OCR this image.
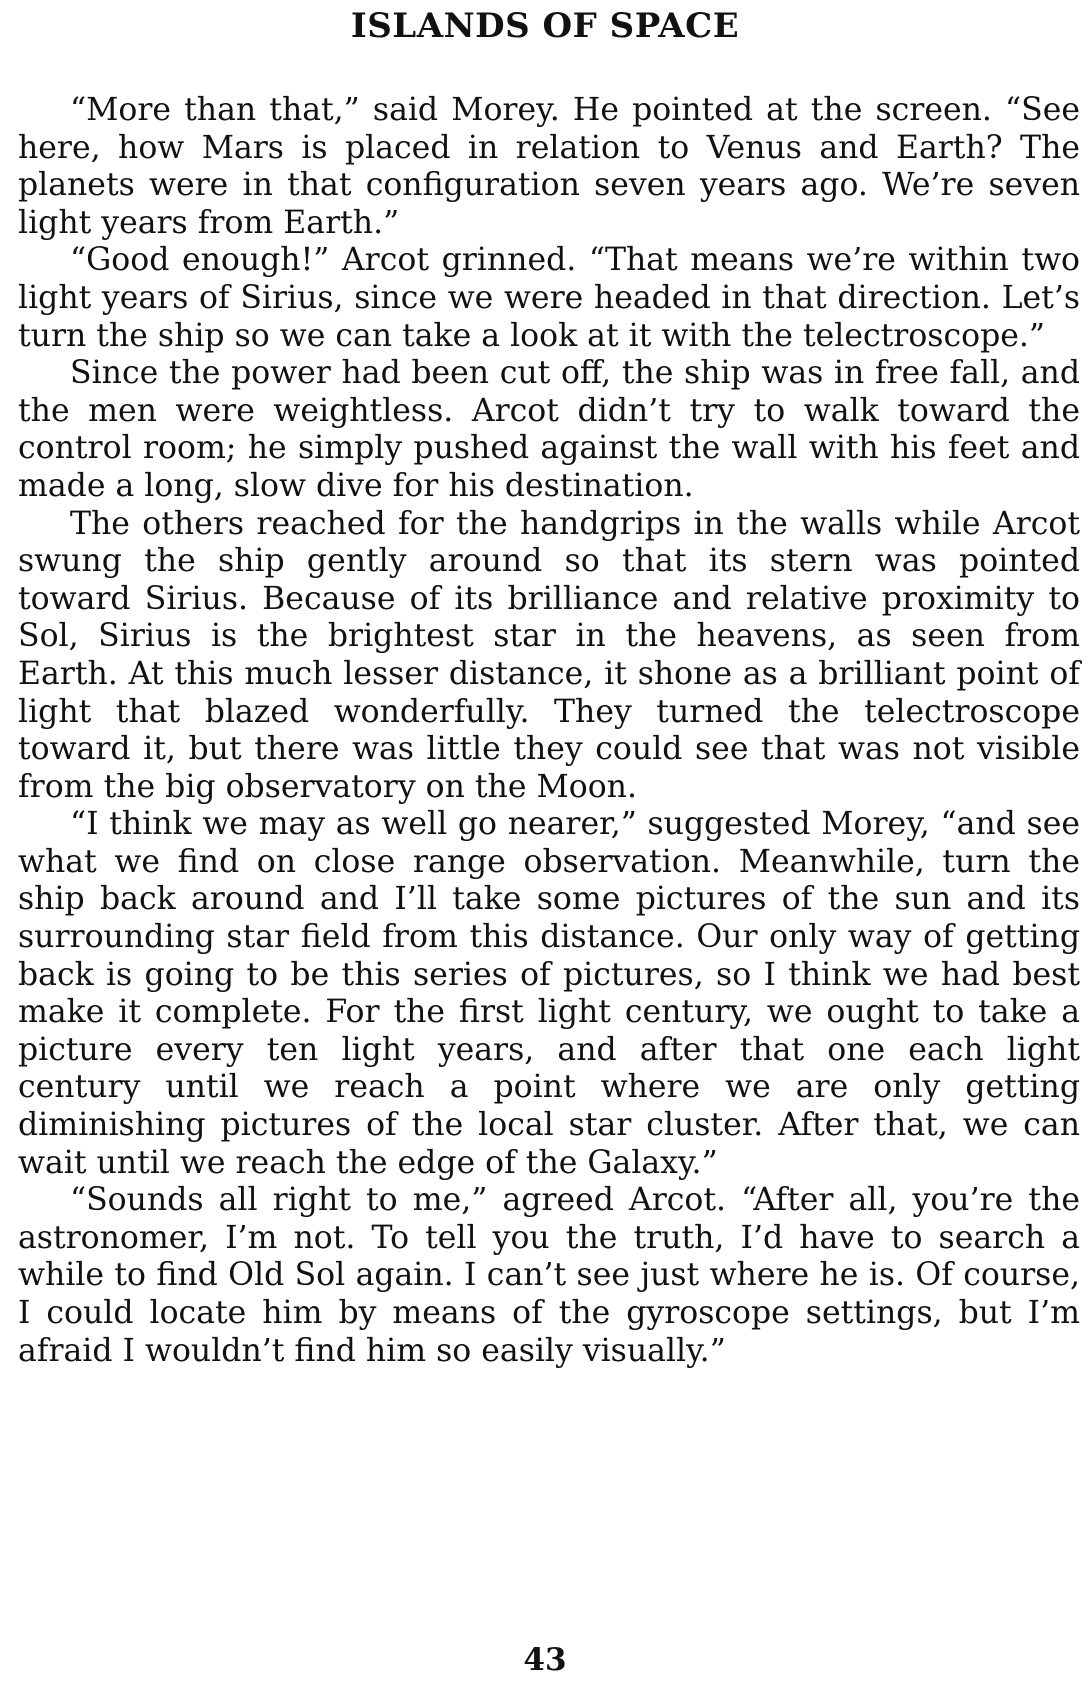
ISLANDS OF SPACE

“More than that,” said Morey. He pointed at the screen. “See here, how Mars is placed in relation to Venus and Earth? The planets were in that configuration seven years ago. We’re seven light years from Earth.”

“Good enough!” Arcot grinned. “That means we’re within two light years of Sirius, since we were headed in that direction. Let’s turn the ship so we can take a look at it with the telectroscope.”

Since the power had been cut off, the ship was in free fall, and the men were weightless. Arcot didn’t try to walk toward the control room; he simply pushed against the wall with his feet and made a long, slow dive for his destination.

The others reached for the handgrips in the walls while Arcot swung the ship gently around so that its stern was pointed toward Sirius. Because of its brilliance and relative proximity to Sol, Sirius is the brightest star in the heavens, as seen from Earth. At this much lesser distance, it shone as a brilliant point of light that blazed wonderfully. They turned the telectroscope toward it, but there was little they could see that was not visible from the big observatory on the Moon.

“I think we may as well go nearer,” suggested Morey, “and see what we find on close range observation. Meanwhile, turn the ship back around and I’ll take some pictures of the sun and its surrounding star field from this distance. Our only way of getting back is going to be this series of pictures, so I think we had best make it complete. For the first light century, we ought to take a picture every ten light years, and after that one each light century until we reach a point where we are only getting diminishing pictures of the local star cluster. After that, we can wait until we reach the edge of the Galaxy.”

“Sounds all right to me,” agreed Arcot. “After all, you’re the astronomer, I’m not. To tell you the truth, I’d have to search a while to find Old Sol again. I can’t see just where he is. Of course, I could locate him by means of the gyroscope settings, but I’m afraid I wouldn’t find him so easily visually.”

43
